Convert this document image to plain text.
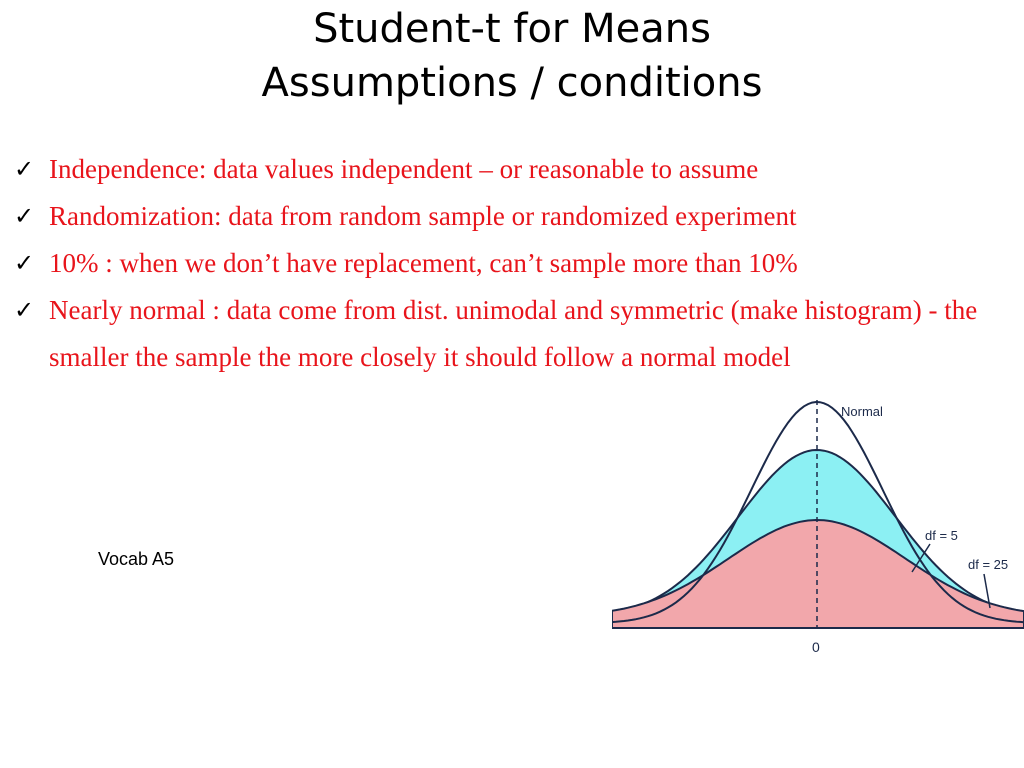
Student-t for Means
Assumptions / conditions
✓ Independence: data values independent – or reasonable to assume
✓ Randomization: data from random sample or randomized experiment
✓ 10% : when we don’t have replacement, can’t sample more than 10%
✓ Nearly normal : data come from dist. unimodal and symmetric (make histogram) - the smaller the sample the more closely it should follow a normal model
Vocab A5
Normal
df = 5
df = 25
0
